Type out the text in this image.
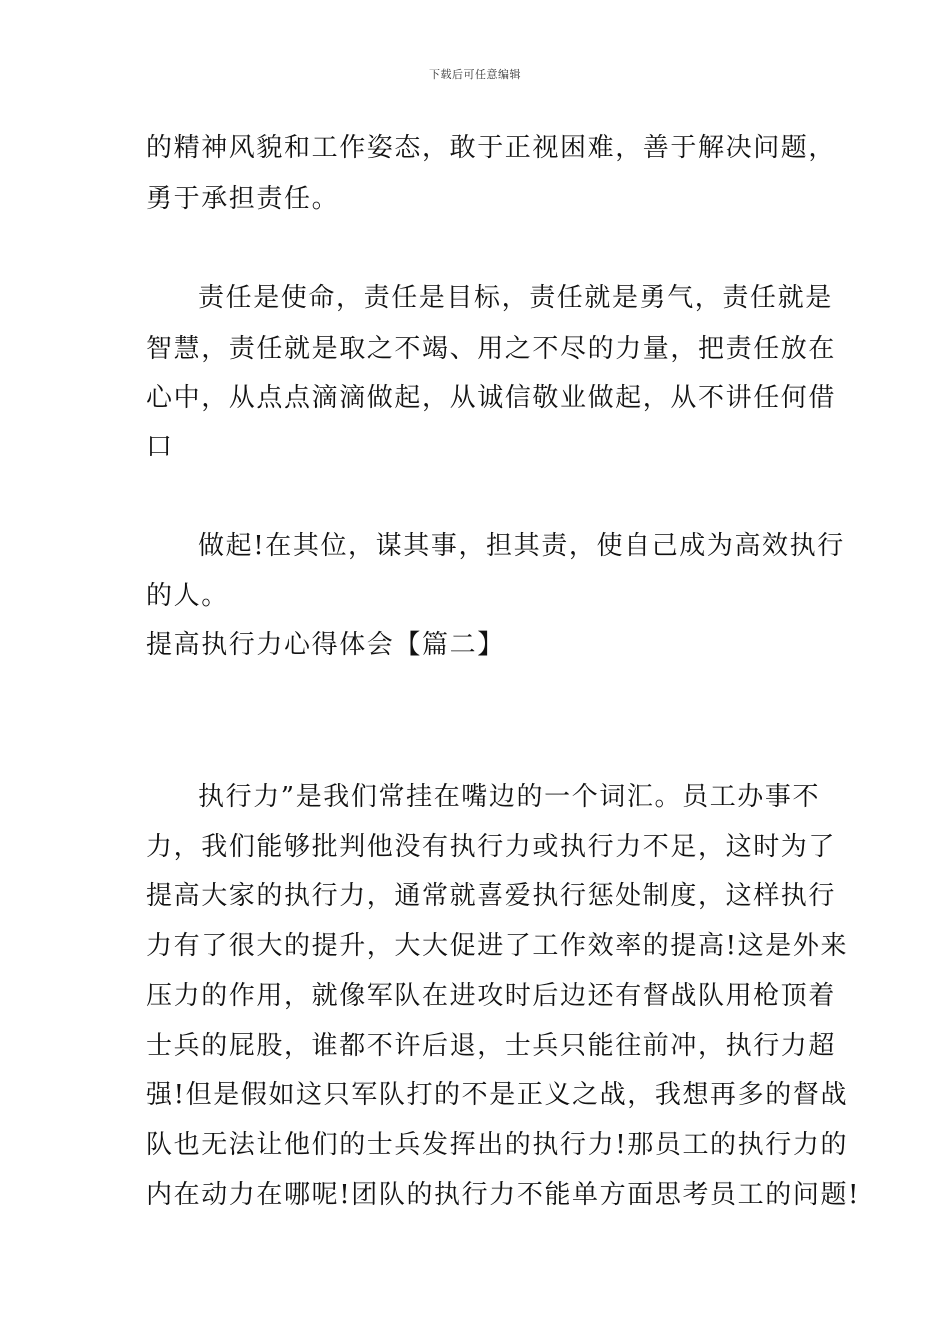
下载后可任意编辑
的精神风貌和工作姿态，敢于正视困难，善于解决问题，
勇于承担责任。
责任是使命，责任是目标，责任就是勇气，责任就是
智慧，责任就是取之不竭、用之不尽的力量，把责任放在
心中，从点点滴滴做起，从诚信敬业做起，从不讲任何借
口
做起!在其位，谋其事，担其责，使自己成为高效执行
的人。
提高执行力心得体会【篇二】
执行力”是我们常挂在嘴边的一个词汇。员工办事不
力，我们能够批判他没有执行力或执行力不足，这时为了
提高大家的执行力，通常就喜爱执行惩处制度，这样执行
力有了很大的提升，大大促进了工作效率的提高!这是外来
压力的作用，就像军队在进攻时后边还有督战队用枪顶着
士兵的屁股，谁都不许后退，士兵只能往前冲，执行力超
强!但是假如这只军队打的不是正义之战，我想再多的督战
队也无法让他们的士兵发挥出的执行力!那员工的执行力的
内在动力在哪呢!团队的执行力不能单方面思考员工的问题!
